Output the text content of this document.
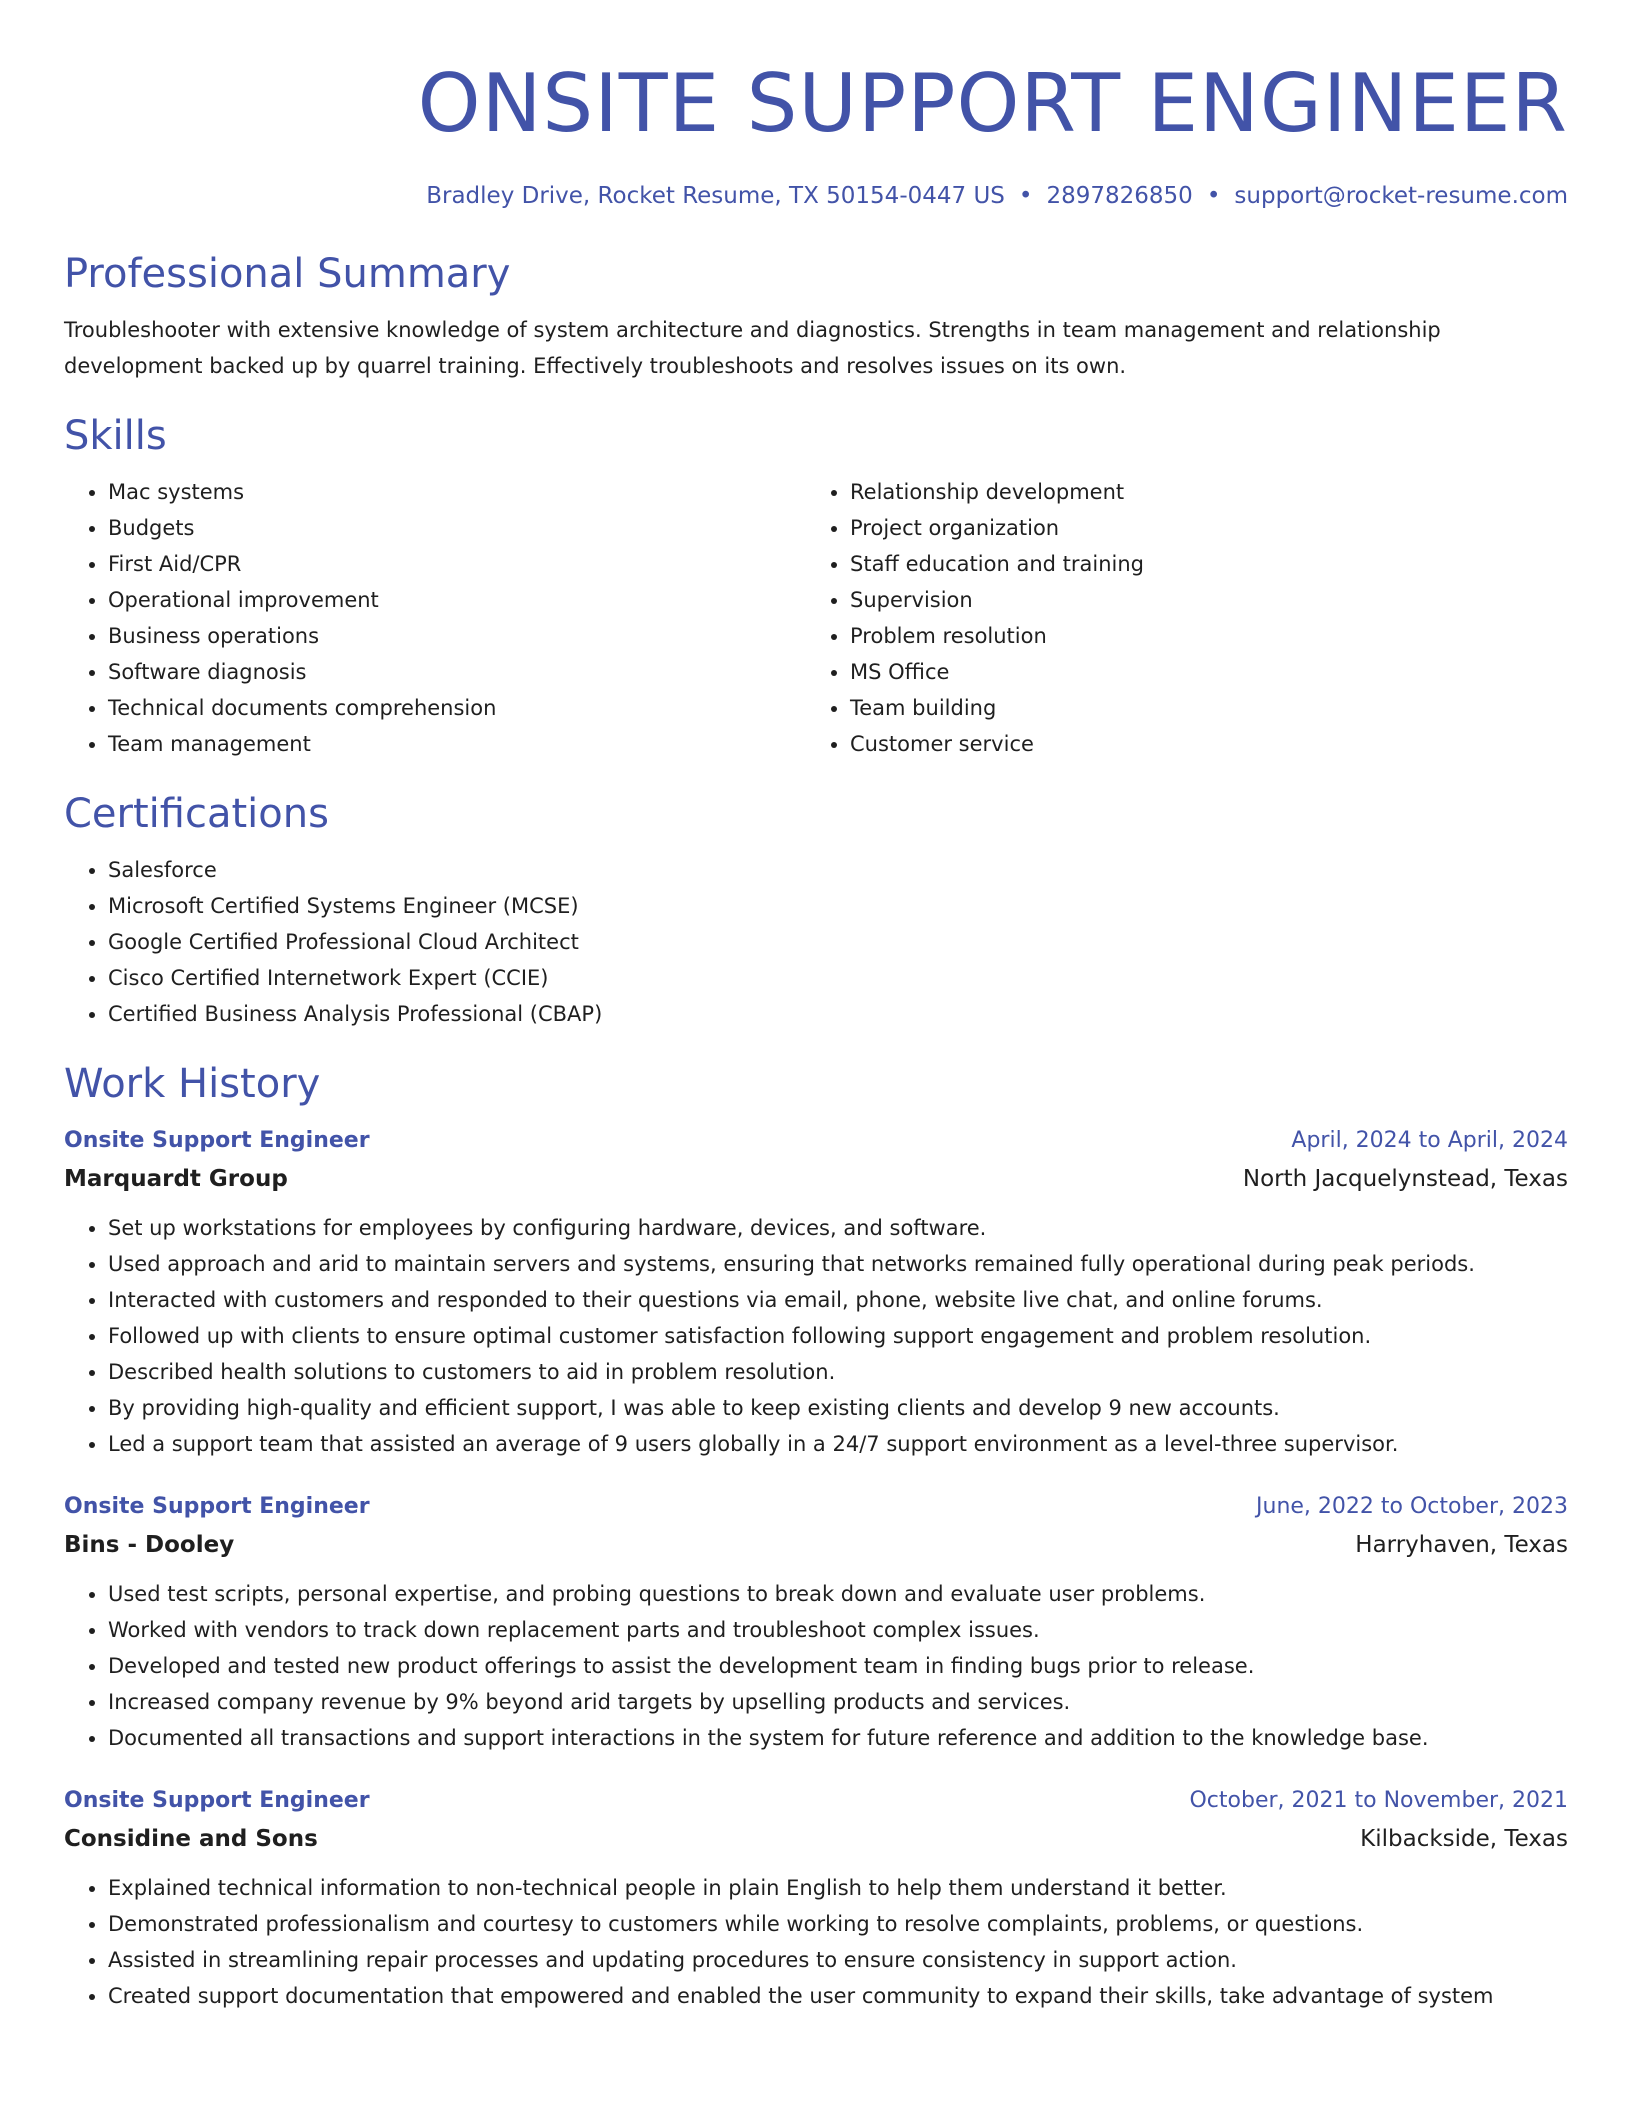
ONSITE SUPPORT ENGINEER
Bradley Drive, Rocket Resume, TX 50154-0447 US • 2897826850 • support@rocket-resume.com
Professional Summary

Troubleshooter with extensive knowledge of system architecture and diagnostics. Strengths in team management and relationship development backed up by quarrel training. Effectively troubleshoots and resolves issues on its own.

Skills
• Mac systems
• Budgets
• First Aid/CPR
• Operational improvement
• Business operations
• Software diagnosis
• Technical documents comprehension
• Team management
• Relationship development
• Project organization
• Staff education and training
• Supervision
• Problem resolution
• MS Office
• Team building
• Customer service
Certifications
• Salesforce
• Microsoft Certified Systems Engineer (MCSE)
• Google Certified Professional Cloud Architect
• Cisco Certified Internetwork Expert (CCIE)
• Certified Business Analysis Professional (CBAP)
Work History
Onsite Support Engineer	April, 2024 to April, 2024
Marquardt Group	North Jacquelynstead, Texas
• Set up workstations for employees by configuring hardware, devices, and software.
• Used approach and arid to maintain servers and systems, ensuring that networks remained fully operational during peak periods.
• Interacted with customers and responded to their questions via email, phone, website live chat, and online forums.
• Followed up with clients to ensure optimal customer satisfaction following support engagement and problem resolution.
• Described health solutions to customers to aid in problem resolution.
• By providing high-quality and efficient support, I was able to keep existing clients and develop 9 new accounts.
• Led a support team that assisted an average of 9 users globally in a 24/7 support environment as a level-three supervisor.
Onsite Support Engineer	June, 2022 to October, 2023
Bins - Dooley	Harryhaven, Texas
• Used test scripts, personal expertise, and probing questions to break down and evaluate user problems.
• Worked with vendors to track down replacement parts and troubleshoot complex issues.
• Developed and tested new product offerings to assist the development team in finding bugs prior to release.
• Increased company revenue by 9% beyond arid targets by upselling products and services.
• Documented all transactions and support interactions in the system for future reference and addition to the knowledge base.
Onsite Support Engineer	October, 2021 to November, 2021
Considine and Sons	Kilbackside, Texas
• Explained technical information to non-technical people in plain English to help them understand it better.
• Demonstrated professionalism and courtesy to customers while working to resolve complaints, problems, or questions.
• Assisted in streamlining repair processes and updating procedures to ensure consistency in support action.
• Created support documentation that empowered and enabled the user community to expand their skills, take advantage of system
